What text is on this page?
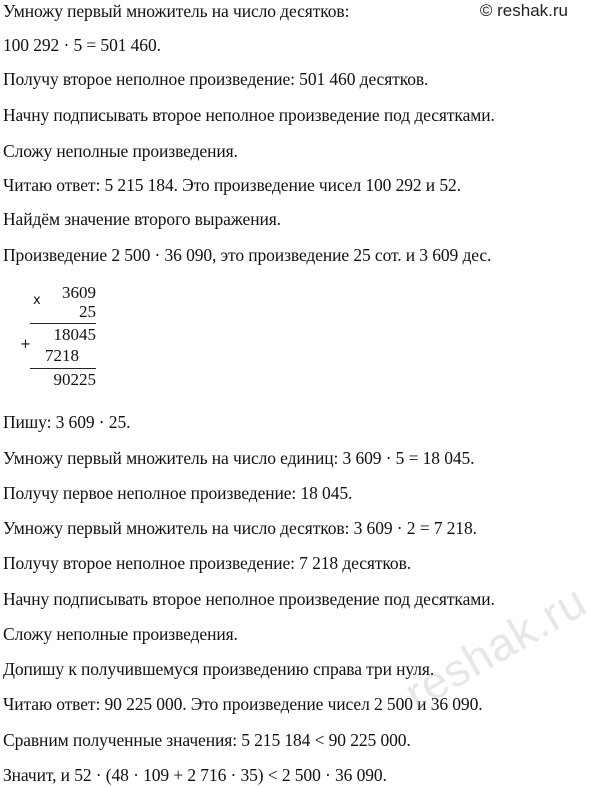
© reshak.ru
Умножу первый множитель на число десятков:
100 292 · 5 = 501 460.
Получу второе неполное произведение: 501 460 десятков.
Начну подписывать второе неполное произведение под десятками.
Сложу неполные произведения.
Читаю ответ: 5 215 184. Это произведение чисел 100 292 и 52.
Найдём значение второго выражения.
Произведение 2 500 · 36 090, это произведение 25 сот. и 3 609 дес.
x 3609
25
+
18045
7218
90225
Пишу: 3 609 · 25.
Умножу первый множитель на число единиц: 3 609 · 5 = 18 045.
Получу первое неполное произведение: 18 045.
Умножу первый множитель на число десятков: 3 609 · 2 = 7 218.
Получу второе неполное произведение: 7 218 десятков.
Начну подписывать второе неполное произведение под десятками.
Сложу неполные произведения.
Допишу к получившемуся произведению справа три нуля.
Читаю ответ: 90 225 000. Это произведение чисел 2 500 и 36 090.
Сравним полученные значения: 5 215 184 < 90 225 000.
Значит, и 52 · (48 · 109 + 2 716 · 35) < 2 500 · 36 090.
reshak.ru
